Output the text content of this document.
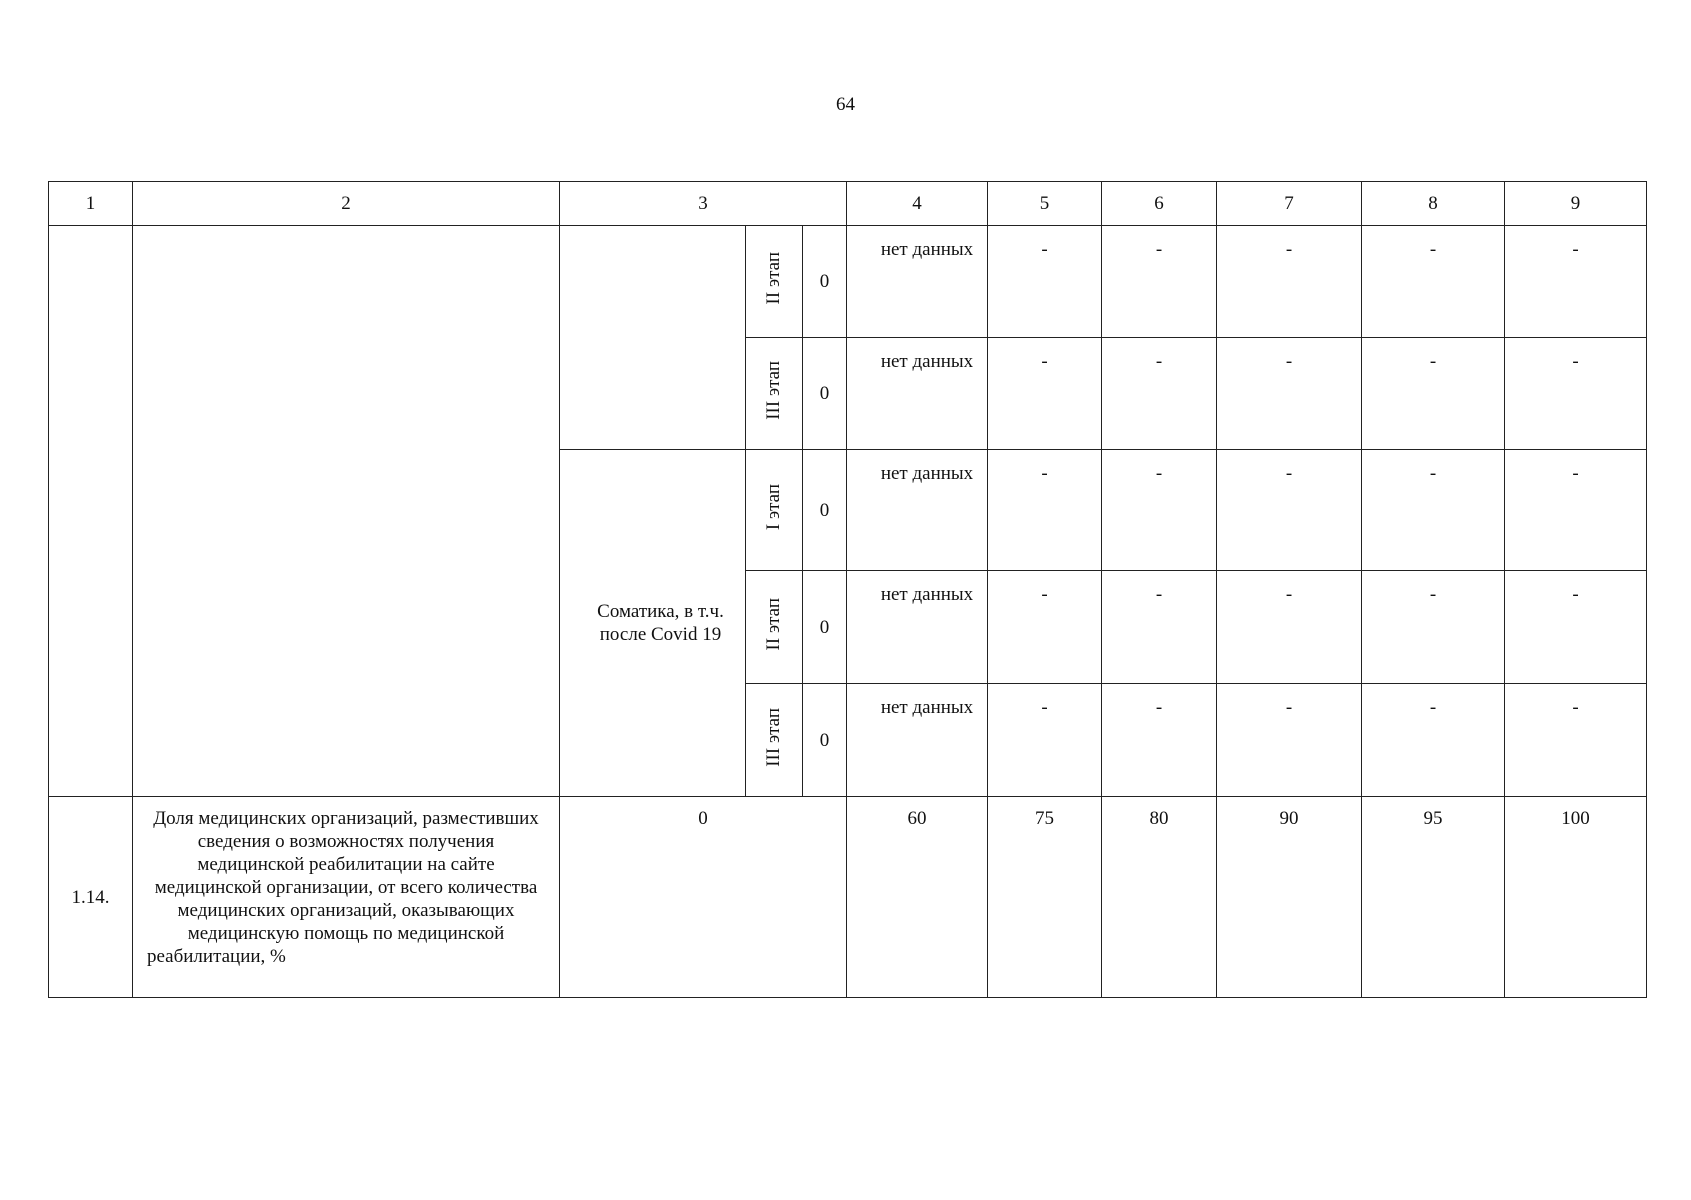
64
1	2	3			4	5	6	7	8	9
			II этап	0	нет данных	-	-	-	-	-
			III этап	0	нет данных	-	-	-	-	-
		Соматика, в т.ч. после Covid 19	I этап	0	нет данных	-	-	-	-	-
			II этап	0	нет данных	-	-	-	-	-
			III этап	0	нет данных	-	-	-	-	-
1.14.	Доля медицинских организаций, разместивших сведения о возможностях получения медицинской реабилитации на сайте медицинской организации, от всего количества медицинских организаций, оказывающих медицинскую помощь по медицинской реабилитации, %	0			60	75	80	90	95	100
